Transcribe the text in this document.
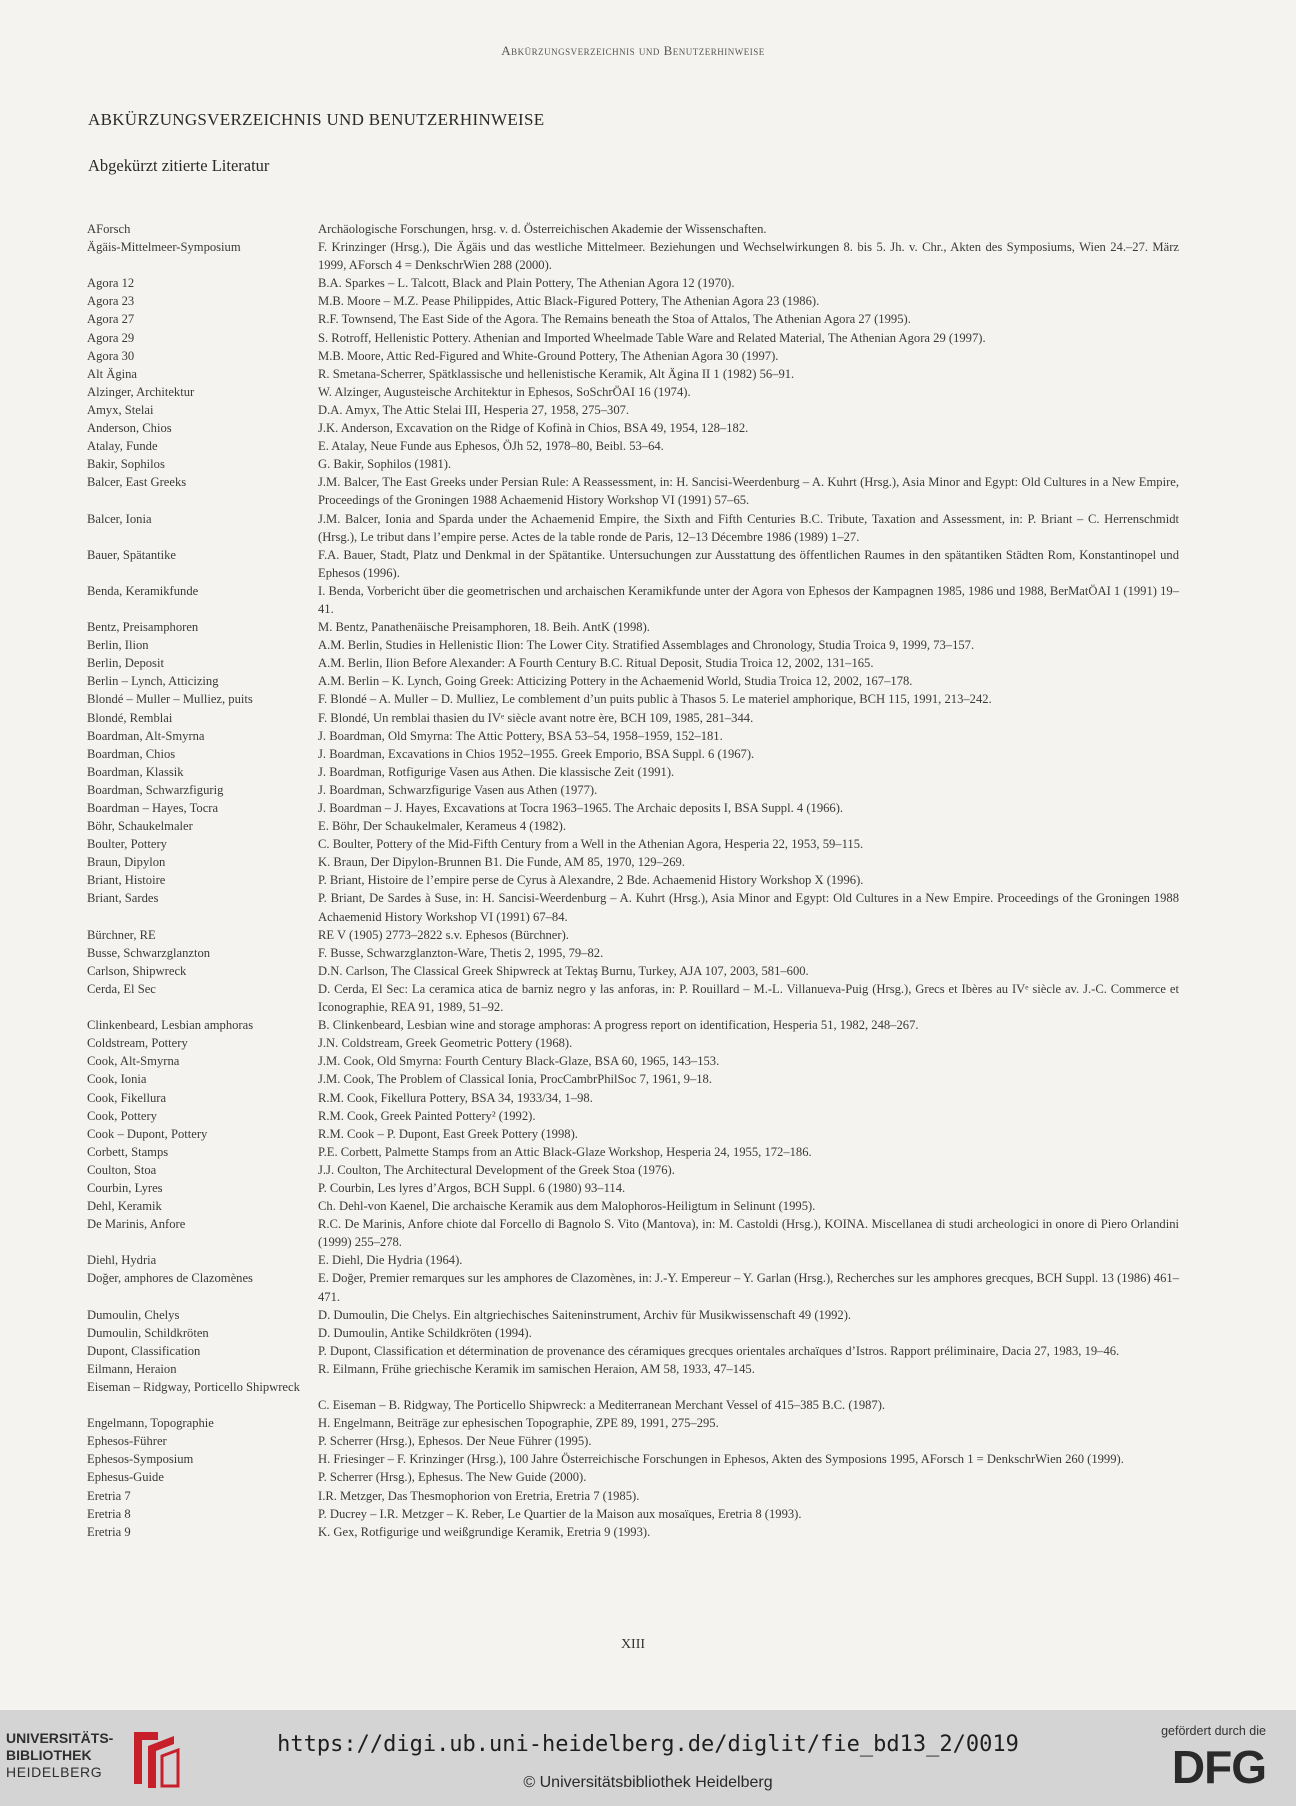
Abkürzungsverzeichnis und Benutzerhinweise
ABKÜRZUNGSVERZEICHNIS UND BENUTZERHINWEISE
Abgekürzt zitierte Literatur
AForsch	Archäologische Forschungen, hrsg. v. d. Österreichischen Akademie der Wissenschaften.
Ägäis-Mittelmeer-Symposium	F. Krinzinger (Hrsg.), Die Ägäis und das westliche Mittelmeer. Beziehungen und Wechselwirkungen 8. bis 5. Jh. v. Chr., Akten des Symposiums, Wien 24.–27. März 1999, AForsch 4 = DenkschrWien 288 (2000).
Agora 12	B.A. Sparkes – L. Talcott, Black and Plain Pottery, The Athenian Agora 12 (1970).
Agora 23	M.B. Moore – M.Z. Pease Philippides, Attic Black-Figured Pottery, The Athenian Agora 23 (1986).
Agora 27	R.F. Townsend, The East Side of the Agora. The Remains beneath the Stoa of Attalos, The Athenian Agora 27 (1995).
Agora 29	S. Rotroff, Hellenistic Pottery. Athenian and Imported Wheelmade Table Ware and Related Material, The Athenian Agora 29 (1997).
Agora 30	M.B. Moore, Attic Red-Figured and White-Ground Pottery, The Athenian Agora 30 (1997).
Alt Ägina	R. Smetana-Scherrer, Spätklassische und hellenistische Keramik, Alt Ägina II 1 (1982) 56–91.
Alzinger, Architektur	W. Alzinger, Augusteische Architektur in Ephesos, SoSchrÖAI 16 (1974).
Amyx, Stelai	D.A. Amyx, The Attic Stelai III, Hesperia 27, 1958, 275–307.
Anderson, Chios	J.K. Anderson, Excavation on the Ridge of Kofinà in Chios, BSA 49, 1954, 128–182.
Atalay, Funde	E. Atalay, Neue Funde aus Ephesos, ÖJh 52, 1978–80, Beibl. 53–64.
Bakir, Sophilos	G. Bakir, Sophilos (1981).
Balcer, East Greeks	J.M. Balcer, The East Greeks under Persian Rule: A Reassessment, in: H. Sancisi-Weerdenburg – A. Kuhrt (Hrsg.), Asia Minor and Egypt: Old Cultures in a New Empire, Proceedings of the Groningen 1988 Achaemenid History Workshop VI (1991) 57–65.
Balcer, Ionia	J.M. Balcer, Ionia and Sparda under the Achaemenid Empire, the Sixth and Fifth Centuries B.C. Tribute, Taxation and Assessment, in: P. Briant – C. Herrenschmidt (Hrsg.), Le tribut dans l’empire perse. Actes de la table ronde de Paris, 12–13 Décembre 1986 (1989) 1–27.
Bauer, Spätantike	F.A. Bauer, Stadt, Platz und Denkmal in der Spätantike. Untersuchungen zur Ausstattung des öffentlichen Raumes in den spätantiken Städten Rom, Konstantinopel und Ephesos (1996).
Benda, Keramikfunde	I. Benda, Vorbericht über die geometrischen und archaischen Keramikfunde unter der Agora von Ephesos der Kampagnen 1985, 1986 und 1988, BerMatÖAI 1 (1991) 19–41.
Bentz, Preisamphoren	M. Bentz, Panathenäische Preisamphoren, 18. Beih. AntK (1998).
Berlin, Ilion	A.M. Berlin, Studies in Hellenistic Ilion: The Lower City. Stratified Assemblages and Chronology, Studia Troica 9, 1999, 73–157.
Berlin, Deposit	A.M. Berlin, Ilion Before Alexander: A Fourth Century B.C. Ritual Deposit, Studia Troica 12, 2002, 131–165.
Berlin – Lynch, Atticizing	A.M. Berlin – K. Lynch, Going Greek: Atticizing Pottery in the Achaemenid World, Studia Troica 12, 2002, 167–178.
Blondé – Muller – Mulliez, puits	F. Blondé – A. Muller – D. Mulliez, Le comblement d’un puits public à Thasos 5. Le materiel amphorique, BCH 115, 1991, 213–242.
Blondé, Remblai	F. Blondé, Un remblai thasien du IVᵉ siècle avant notre ère, BCH 109, 1985, 281–344.
Boardman, Alt-Smyrna	J. Boardman, Old Smyrna: The Attic Pottery, BSA 53–54, 1958–1959, 152–181.
Boardman, Chios	J. Boardman, Excavations in Chios 1952–1955. Greek Emporio, BSA Suppl. 6 (1967).
Boardman, Klassik	J. Boardman, Rotfigurige Vasen aus Athen. Die klassische Zeit (1991).
Boardman, Schwarzfigurig	J. Boardman, Schwarzfigurige Vasen aus Athen (1977).
Boardman – Hayes, Tocra	J. Boardman – J. Hayes, Excavations at Tocra 1963–1965. The Archaic deposits I, BSA Suppl. 4 (1966).
Böhr, Schaukelmaler	E. Böhr, Der Schaukelmaler, Kerameus 4 (1982).
Boulter, Pottery	C. Boulter, Pottery of the Mid-Fifth Century from a Well in the Athenian Agora, Hesperia 22, 1953, 59–115.
Braun, Dipylon	K. Braun, Der Dipylon-Brunnen B1. Die Funde, AM 85, 1970, 129–269.
Briant, Histoire	P. Briant, Histoire de l’empire perse de Cyrus à Alexandre, 2 Bde. Achaemenid History Workshop X (1996).
Briant, Sardes	P. Briant, De Sardes à Suse, in: H. Sancisi-Weerdenburg – A. Kuhrt (Hrsg.), Asia Minor and Egypt: Old Cultures in a New Empire. Proceedings of the Groningen 1988 Achaemenid History Workshop VI (1991) 67–84.
Bürchner, RE	RE V (1905) 2773–2822 s.v. Ephesos (Bürchner).
Busse, Schwarzglanzton	F. Busse, Schwarzglanzton-Ware, Thetis 2, 1995, 79–82.
Carlson, Shipwreck	D.N. Carlson, The Classical Greek Shipwreck at Tektaş Burnu, Turkey, AJA 107, 2003, 581–600.
Cerda, El Sec	D. Cerda, El Sec: La ceramica atica de barniz negro y las anforas, in: P. Rouillard – M.-L. Villanueva-Puig (Hrsg.), Grecs et Ibères au IVᵉ siècle av. J.-C. Commerce et Iconographie, REA 91, 1989, 51–92.
Clinkenbeard, Lesbian amphoras	B. Clinkenbeard, Lesbian wine and storage amphoras: A progress report on identification, Hesperia 51, 1982, 248–267.
Coldstream, Pottery	J.N. Coldstream, Greek Geometric Pottery (1968).
Cook, Alt-Smyrna	J.M. Cook, Old Smyrna: Fourth Century Black-Glaze, BSA 60, 1965, 143–153.
Cook, Ionia	J.M. Cook, The Problem of Classical Ionia, ProcCambrPhilSoc 7, 1961, 9–18.
Cook, Fikellura	R.M. Cook, Fikellura Pottery, BSA 34, 1933/34, 1–98.
Cook, Pottery	R.M. Cook, Greek Painted Pottery² (1992).
Cook – Dupont, Pottery	R.M. Cook – P. Dupont, East Greek Pottery (1998).
Corbett, Stamps	P.E. Corbett, Palmette Stamps from an Attic Black-Glaze Workshop, Hesperia 24, 1955, 172–186.
Coulton, Stoa	J.J. Coulton, The Architectural Development of the Greek Stoa (1976).
Courbin, Lyres	P. Courbin, Les lyres d’Argos, BCH Suppl. 6 (1980) 93–114.
Dehl, Keramik	Ch. Dehl-von Kaenel, Die archaische Keramik aus dem Malophoros-Heiligtum in Selinunt (1995).
De Marinis, Anfore	R.C. De Marinis, Anfore chiote dal Forcello di Bagnolo S. Vito (Mantova), in: M. Castoldi (Hrsg.), KOINA. Miscellanea di studi archeologici in onore di Piero Orlandini (1999) 255–278.
Diehl, Hydria	E. Diehl, Die Hydria (1964).
Doğer, amphores de Clazomènes	E. Doğer, Premier remarques sur les amphores de Clazomènes, in: J.-Y. Empereur – Y. Garlan (Hrsg.), Recherches sur les amphores grecques, BCH Suppl. 13 (1986) 461–471.
Dumoulin, Chelys	D. Dumoulin, Die Chelys. Ein altgriechisches Saiteninstrument, Archiv für Musikwissenschaft 49 (1992).
Dumoulin, Schildkröten	D. Dumoulin, Antike Schildkröten (1994).
Dupont, Classification	P. Dupont, Classification et détermination de provenance des céramiques grecques orientales archaïques d’Istros. Rapport préliminaire, Dacia 27, 1983, 19–46.
Eilmann, Heraion	R. Eilmann, Frühe griechische Keramik im samischen Heraion, AM 58, 1933, 47–145.
Eiseman – Ridgway, Porticello Shipwreck
C. Eiseman – B. Ridgway, The Porticello Shipwreck: a Mediterranean Merchant Vessel of 415–385 B.C. (1987).
Engelmann, Topographie	H. Engelmann, Beiträge zur ephesischen Topographie, ZPE 89, 1991, 275–295.
Ephesos-Führer	P. Scherrer (Hrsg.), Ephesos. Der Neue Führer (1995).
Ephesos-Symposium	H. Friesinger – F. Krinzinger (Hrsg.), 100 Jahre Österreichische Forschungen in Ephesos, Akten des Symposions 1995, AForsch 1 = DenkschrWien 260 (1999).
Ephesus-Guide	P. Scherrer (Hrsg.), Ephesus. The New Guide (2000).
Eretria 7	I.R. Metzger, Das Thesmophorion von Eretria, Eretria 7 (1985).
Eretria 8	P. Ducrey – I.R. Metzger – K. Reber, Le Quartier de la Maison aux mosaïques, Eretria 8 (1993).
Eretria 9	K. Gex, Rotfigurige und weißgrundige Keramik, Eretria 9 (1993).
XIII
UNIVERSITÄTS-
BIBLIOTHEK
HEIDELBERG
https://digi.ub.uni-heidelberg.de/diglit/fie_bd13_2/0019
© Universitätsbibliothek Heidelberg
gefördert durch die
DFG
